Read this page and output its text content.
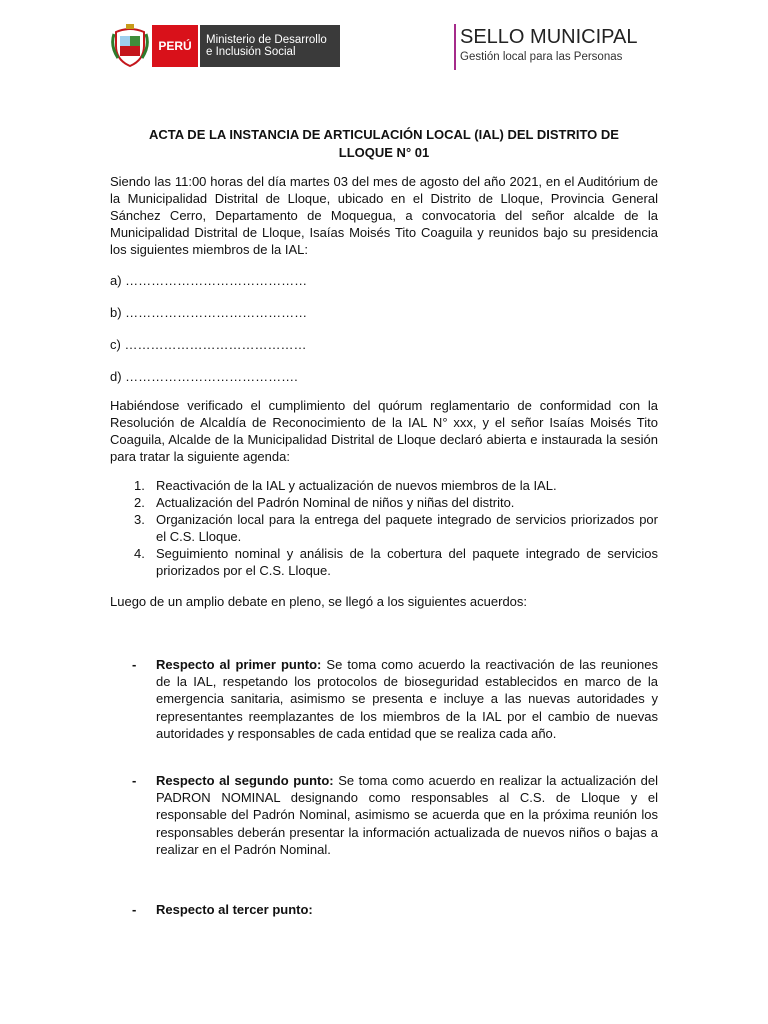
PERÚ	Ministerio de Desarrollo
e Inclusión Social
SELLO MUNICIPAL
Gestión local para las Personas
ACTA DE LA INSTANCIA DE ARTICULACIÓN LOCAL (IAL) DEL DISTRITO DE
LLOQUE N° 01

Siendo las 11:00 horas del día martes 03 del mes de agosto del año 2021, en el Auditórium de la Municipalidad Distrital de Lloque, ubicado en el Distrito de Lloque, Provincia General Sánchez Cerro, Departamento de Moquegua, a convocatoria del señor alcalde de la Municipalidad Distrital de Lloque, Isaías Moisés Tito Coaguila y reunidos bajo su presidencia los siguientes miembros de la IAL:

a) ……………………………………
b) ……………………………………
c) ……………………………………
d) ………………………………….

Habiéndose verificado el cumplimiento del quórum reglamentario de conformidad con la Resolución de Alcaldía de Reconocimiento de la IAL N° xxx, y el señor Isaías Moisés Tito Coaguila, Alcalde de la Municipalidad Distrital de Lloque declaró abierta e instaurada la sesión para tratar la siguiente agenda:

1. Reactivación de la IAL y actualización de nuevos miembros de la IAL.
2. Actualización del Padrón Nominal de niños y niñas del distrito.
3. Organización local para la entrega del paquete integrado de servicios priorizados por el C.S. Lloque.
4. Seguimiento nominal y análisis de la cobertura del paquete integrado de servicios priorizados por el C.S. Lloque.

Luego de un amplio debate en pleno, se llegó a los siguientes acuerdos:

- Respecto al primer punto: Se toma como acuerdo la reactivación de las reuniones de la IAL, respetando los protocolos de bioseguridad establecidos en marco de la emergencia sanitaria, asimismo se presenta e incluye a las nuevas autoridades y representantes reemplazantes de los miembros de la IAL por el cambio de nuevas autoridades y responsables de cada entidad que se realiza cada año.
- Respecto al segundo punto: Se toma como acuerdo en realizar la actualización del PADRON NOMINAL designando como responsables al C.S. de Lloque y el responsable del Padrón Nominal, asimismo se acuerda que en la próxima reunión los responsables deberán presentar la información actualizada de nuevos niños o bajas a realizar en el Padrón Nominal.
- Respecto al tercer punto:
